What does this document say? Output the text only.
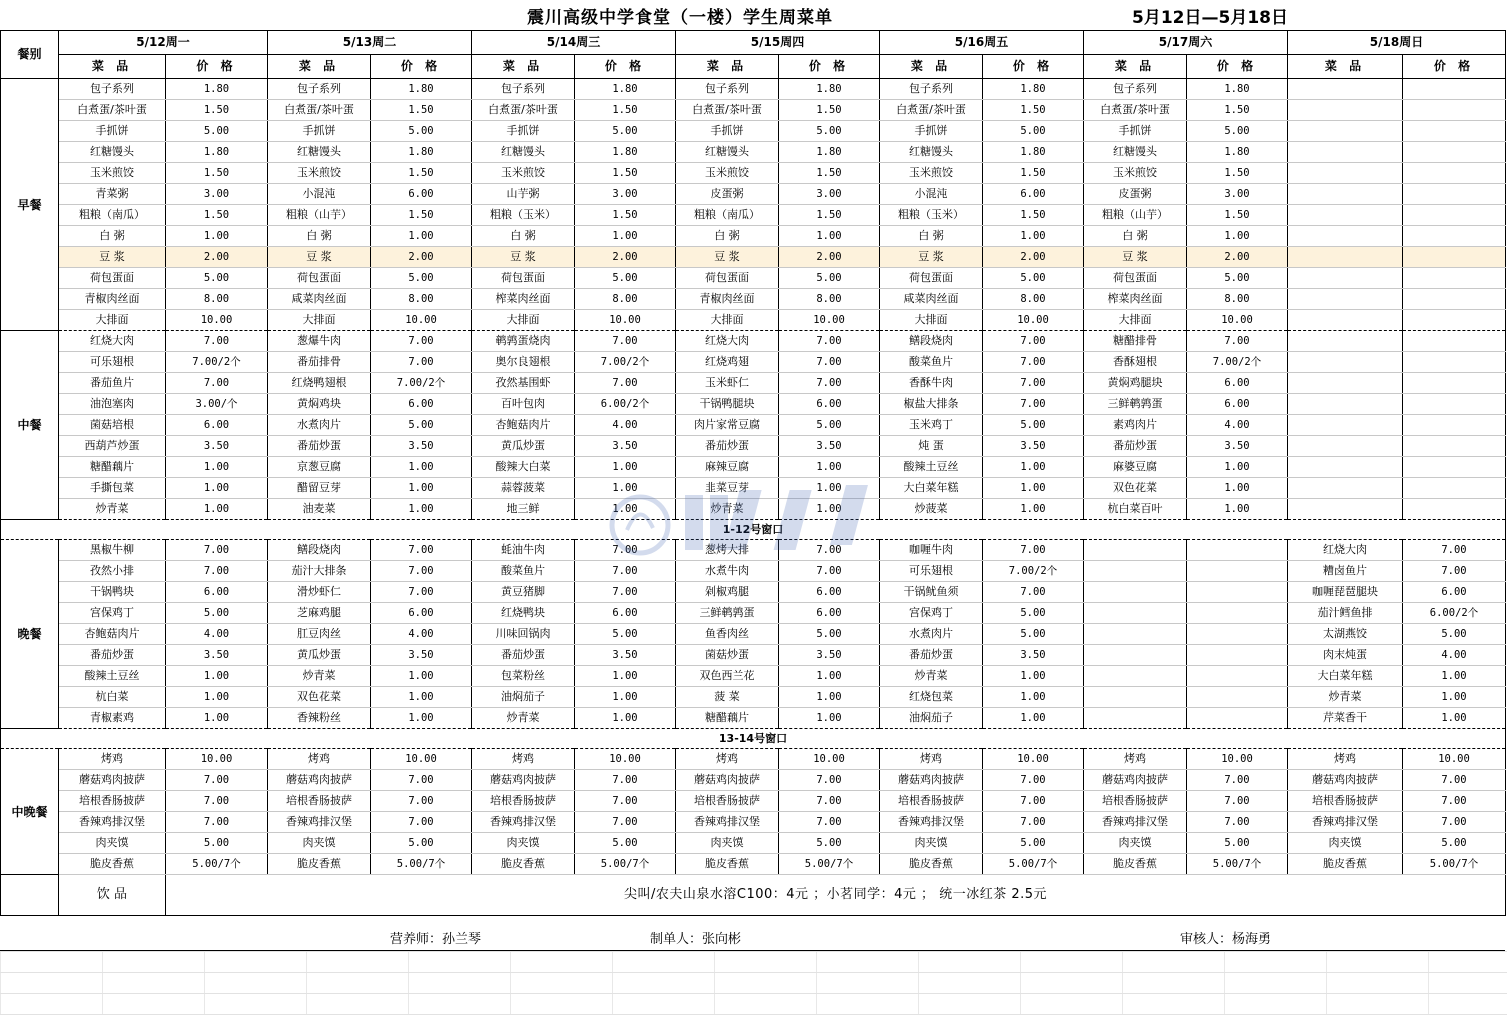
震川高级中学食堂（一楼）学生周菜单	5月12日—5月18日
餐别	5/12周一		5/13周二		5/14周三		5/15周四		5/16周五		5/17周六		5/18周日	
	菜 品	价 格	菜 品	价 格	菜 品	价 格	菜 品	价 格	菜 品	价 格	菜 品	价 格	菜 品	价 格
早餐	包子系列	1.80	包子系列	1.80	包子系列	1.80	包子系列	1.80	包子系列	1.80	包子系列	1.80		
	白煮蛋/茶叶蛋	1.50	白煮蛋/茶叶蛋	1.50	白煮蛋/茶叶蛋	1.50	白煮蛋/茶叶蛋	1.50	白煮蛋/茶叶蛋	1.50	白煮蛋/茶叶蛋	1.50		
	手抓饼	5.00	手抓饼	5.00	手抓饼	5.00	手抓饼	5.00	手抓饼	5.00	手抓饼	5.00		
	红糖馒头	1.80	红糖馒头	1.80	红糖馒头	1.80	红糖馒头	1.80	红糖馒头	1.80	红糖馒头	1.80		
	玉米煎饺	1.50	玉米煎饺	1.50	玉米煎饺	1.50	玉米煎饺	1.50	玉米煎饺	1.50	玉米煎饺	1.50		
	青菜粥	3.00	小混沌	6.00	山芋粥	3.00	皮蛋粥	3.00	小混沌	6.00	皮蛋粥	3.00		
	粗粮（南瓜）	1.50	粗粮（山芋）	1.50	粗粮（玉米）	1.50	粗粮（南瓜）	1.50	粗粮（玉米）	1.50	粗粮（山芋）	1.50		
	白 粥	1.00	白 粥	1.00	白 粥	1.00	白 粥	1.00	白 粥	1.00	白 粥	1.00		
	豆 浆	2.00	豆 浆	2.00	豆 浆	2.00	豆 浆	2.00	豆 浆	2.00	豆 浆	2.00		
	荷包蛋面	5.00	荷包蛋面	5.00	荷包蛋面	5.00	荷包蛋面	5.00	荷包蛋面	5.00	荷包蛋面	5.00		
	青椒肉丝面	8.00	咸菜肉丝面	8.00	榨菜肉丝面	8.00	青椒肉丝面	8.00	咸菜肉丝面	8.00	榨菜肉丝面	8.00		
	大排面	10.00	大排面	10.00	大排面	10.00	大排面	10.00	大排面	10.00	大排面	10.00		
中餐	红烧大肉	7.00	葱爆牛肉	7.00	鹌鹑蛋烧肉	7.00	红烧大肉	7.00	鳝段烧肉	7.00	糖醋排骨	7.00		
	可乐翅根	7.00/2个	番茄排骨	7.00	奥尔良翅根	7.00/2个	红烧鸡翅	7.00	酸菜鱼片	7.00	香酥翅根	7.00/2个		
	番茄鱼片	7.00	红烧鸭翅根	7.00/2个	孜然基围虾	7.00	玉米虾仁	7.00	香酥牛肉	7.00	黄焖鸡腿块	6.00		
	油泡塞肉	3.00/个	黄焖鸡块	6.00	百叶包肉	6.00/2个	干锅鸭腿块	6.00	椒盐大排条	7.00	三鲜鹌鹑蛋	6.00		
	菌菇培根	6.00	水煮肉片	5.00	杏鲍菇肉片	4.00	肉片家常豆腐	5.00	玉米鸡丁	5.00	素鸡肉片	4.00		
	西葫芦炒蛋	3.50	番茄炒蛋	3.50	黄瓜炒蛋	3.50	番茄炒蛋	3.50	炖 蛋	3.50	番茄炒蛋	3.50		
	糖醋藕片	1.00	京葱豆腐	1.00	酸辣大白菜	1.00	麻辣豆腐	1.00	酸辣土豆丝	1.00	麻婆豆腐	1.00		
	手撕包菜	1.00	醋留豆芽	1.00	蒜蓉菠菜	1.00	韭菜豆芽	1.00	大白菜年糕	1.00	双色花菜	1.00		
	炒青菜	1.00	油麦菜	1.00	地三鲜	1.00	炒青菜	1.00	炒菠菜	1.00	杭白菜百叶	1.00		
1-12号窗口														
晚餐	黑椒牛柳	7.00	鳝段烧肉	7.00	蚝油牛肉	7.00	葱烤大排	7.00	咖喱牛肉	7.00			红烧大肉	7.00
	孜然小排	7.00	茄汁大排条	7.00	酸菜鱼片	7.00	水煮牛肉	7.00	可乐翅根	7.00/2个			糟卤鱼片	7.00
	干锅鸭块	6.00	滑炒虾仁	7.00	黄豆猪脚	7.00	剁椒鸡腿	6.00	干锅鱿鱼须	7.00			咖喱琵琶腿块	6.00
	宫保鸡丁	5.00	芝麻鸡腿	6.00	红烧鸭块	6.00	三鲜鹌鹑蛋	6.00	宫保鸡丁	5.00			茄汁鳕鱼排	6.00/2个
	杏鲍菇肉片	4.00	肛豆肉丝	4.00	川味回锅肉	5.00	鱼香肉丝	5.00	水煮肉片	5.00			太湖燕饺	5.00
	番茄炒蛋	3.50	黄瓜炒蛋	3.50	番茄炒蛋	3.50	菌菇炒蛋	3.50	番茄炒蛋	3.50			肉末炖蛋	4.00
	酸辣土豆丝	1.00	炒青菜	1.00	包菜粉丝	1.00	双色西兰花	1.00	炒青菜	1.00			大白菜年糕	1.00
	杭白菜	1.00	双色花菜	1.00	油焖茄子	1.00	菠 菜	1.00	红烧包菜	1.00			炒青菜	1.00
	青椒素鸡	1.00	香辣粉丝	1.00	炒青菜	1.00	糖醋藕片	1.00	油焖茄子	1.00			芹菜香干	1.00
13-14号窗口														
中晚餐	烤鸡	10.00	烤鸡	10.00	烤鸡	10.00	烤鸡	10.00	烤鸡	10.00	烤鸡	10.00	烤鸡	10.00
	蘑菇鸡肉披萨	7.00	蘑菇鸡肉披萨	7.00	蘑菇鸡肉披萨	7.00	蘑菇鸡肉披萨	7.00	蘑菇鸡肉披萨	7.00	蘑菇鸡肉披萨	7.00	蘑菇鸡肉披萨	7.00
	培根香肠披萨	7.00	培根香肠披萨	7.00	培根香肠披萨	7.00	培根香肠披萨	7.00	培根香肠披萨	7.00	培根香肠披萨	7.00	培根香肠披萨	7.00
	香辣鸡排汉堡	7.00	香辣鸡排汉堡	7.00	香辣鸡排汉堡	7.00	香辣鸡排汉堡	7.00	香辣鸡排汉堡	7.00	香辣鸡排汉堡	7.00	香辣鸡排汉堡	7.00
	肉夹馍	5.00	肉夹馍	5.00	肉夹馍	5.00	肉夹馍	5.00	肉夹馍	5.00	肉夹馍	5.00	肉夹馍	5.00
	脆皮香蕉	5.00/7个	脆皮香蕉	5.00/7个	脆皮香蕉	5.00/7个	脆皮香蕉	5.00/7个	脆皮香蕉	5.00/7个	脆皮香蕉	5.00/7个	脆皮香蕉	5.00/7个
	饮 品	尖叫/农夫山泉水溶C100：4元 ；小茗同学：4元 ； 统一冰红茶 2.5元												
营养师：孙兰琴	制单人：张向彬	审核人：杨海勇
